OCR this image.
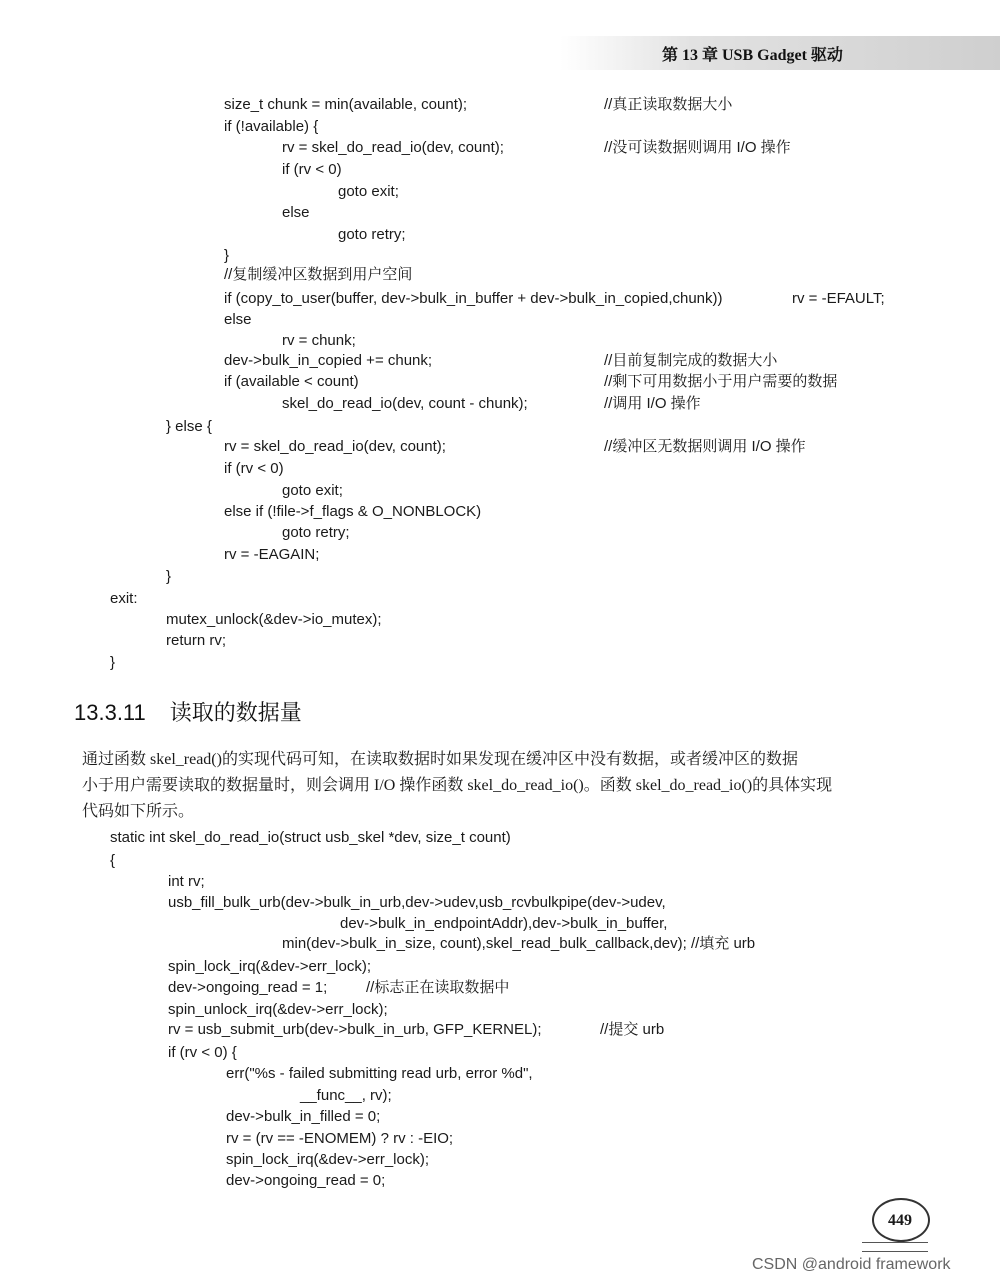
第 13 章 USB Gadget 驱动
size_t chunk = min(available, count);	//真正读取数据大小
if (!available) {
rv = skel_do_read_io(dev, count);	//没可读数据则调用 I/O 操作
if (rv < 0)
goto exit;
else
goto retry;
}
//复制缓冲区数据到用户空间
if (copy_to_user(buffer, dev->bulk_in_buffer + dev->bulk_in_copied,chunk))	rv = -EFAULT;
else
rv = chunk;
dev->bulk_in_copied += chunk;	//目前复制完成的数据大小
if (available < count)	//剩下可用数据小于用户需要的数据
skel_do_read_io(dev, count - chunk);	//调用 I/O 操作
} else {
rv = skel_do_read_io(dev, count);	//缓冲区无数据则调用 I/O 操作
if (rv < 0)
goto exit;
else if (!file->f_flags & O_NONBLOCK)
goto retry;
rv = -EAGAIN;
}
exit:
mutex_unlock(&dev->io_mutex);
return rv;
}
13.3.11 读取的数据量
通过函数 skel_read()的实现代码可知，在读取数据时如果发现在缓冲区中没有数据，或者缓冲区的数据
小于用户需要读取的数据量时，则会调用 I/O 操作函数 skel_do_read_io()。函数 skel_do_read_io()的具体实现
代码如下所示。
static int skel_do_read_io(struct usb_skel *dev, size_t count)
{
int rv;
usb_fill_bulk_urb(dev->bulk_in_urb,dev->udev,usb_rcvbulkpipe(dev->udev,
dev->bulk_in_endpointAddr),dev->bulk_in_buffer,
min(dev->bulk_in_size, count),skel_read_bulk_callback,dev); //填充 urb
spin_lock_irq(&dev->err_lock);
dev->ongoing_read = 1;	//标志正在读取数据中
spin_unlock_irq(&dev->err_lock);
rv = usb_submit_urb(dev->bulk_in_urb, GFP_KERNEL);	//提交 urb
if (rv < 0) {
err("%s - failed submitting read urb, error %d",
__func__, rv);
dev->bulk_in_filled = 0;
rv = (rv == -ENOMEM) ? rv : -EIO;
spin_lock_irq(&dev->err_lock);
dev->ongoing_read = 0;
449
CSDN @android framework
